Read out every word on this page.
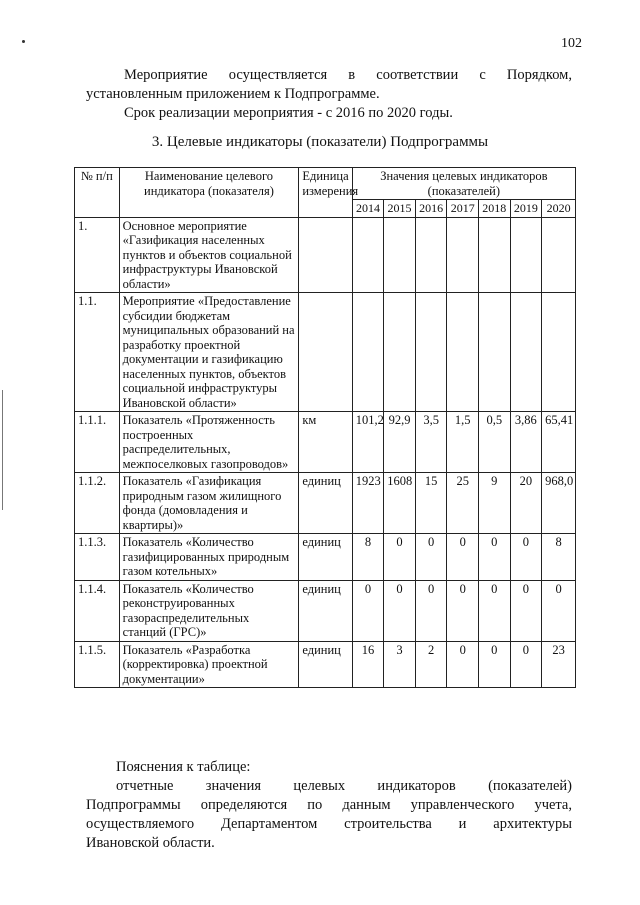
102

Мероприятие осуществляется в соответствии с Порядком,

установленным приложением к Подпрограмме.

Срок реализации мероприятия - с 2016 по 2020 годы.

3. Целевые индикаторы (показатели) Подпрограммы
№ п/п	Наименование целевого индикатора (показателя)	Единица измерения	Значения целевых индикаторов (показателей)						
			2014	2015	2016	2017	2018	2019	2020
1.	Основное мероприятие «Газификация населенных пунктов и объектов социальной инфраструктуры Ивановской области»								
1.1.	Мероприятие «Предоставление субсидии бюджетам муниципальных образований на разработку проектной документации и газификацию населенных пунктов, объектов социальной инфраструктуры Ивановской области»								
1.1.1.	Показатель «Протяженность построенных распределительных, межпоселковых газопроводов»	км	101,2	92,9	3,5	1,5	0,5	3,86	65,41
1.1.2.	Показатель «Газификация природным газом жилищного фонда (домовладения и квартиры)»	единиц	1923	1608	15	25	9	20	968,0
1.1.3.	Показатель «Количество газифицированных природным газом котельных»	единиц	8	0	0	0	0	0	8
1.1.4.	Показатель «Количество реконструированных газораспределительных станций (ГРС)»	единиц	0	0	0	0	0	0	0
1.1.5.	Показатель «Разработка (корректировка) проектной документации»	единиц	16	3	2	0	0	0	23

Пояснения к таблице:

отчетные значения целевых индикаторов (показателей)

Подпрограммы определяются по данным управленческого учета,

осуществляемого Департаментом строительства и архитектуры

Ивановской области.
